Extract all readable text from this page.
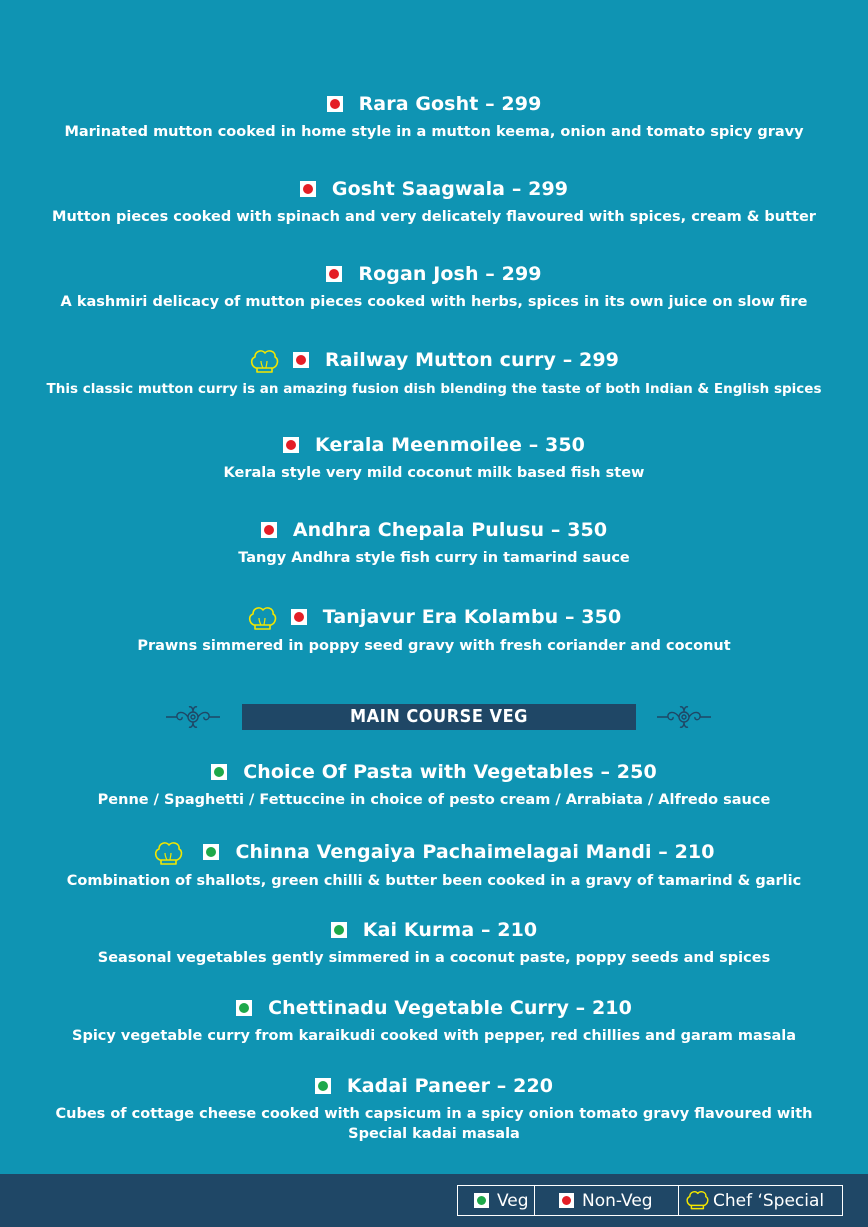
Rara Gosht – 299
Marinated mutton cooked in home style in a mutton keema, onion and tomato spicy gravy
Gosht Saagwala – 299
Mutton pieces cooked with spinach and very delicately flavoured with spices, cream & butter
Rogan Josh – 299
A kashmiri delicacy of mutton pieces cooked with herbs, spices in its own juice on slow fire
Railway Mutton curry – 299
This classic mutton curry is an amazing fusion dish blending the taste of both Indian & English spices
Kerala Meenmoilee – 350
Kerala style very mild coconut milk based fish stew
Andhra Chepala Pulusu – 350
Tangy Andhra style fish curry in tamarind sauce
Tanjavur Era Kolambu – 350
Prawns simmered in poppy seed gravy with fresh coriander and coconut
MAIN COURSE VEG
Choice Of Pasta with Vegetables – 250
Penne / Spaghetti / Fettuccine in choice of pesto cream / Arrabiata / Alfredo sauce
Chinna Vengaiya Pachaimelagai Mandi – 210
Combination of shallots, green chilli & butter been cooked in a gravy of tamarind & garlic
Kai Kurma – 210
Seasonal vegetables gently simmered in a coconut paste, poppy seeds and spices
Chettinadu Vegetable Curry – 210
Spicy vegetable curry from karaikudi cooked with pepper, red chillies and garam masala
Kadai Paneer – 220
Cubes of cottage cheese cooked with capsicum in a spicy onion tomato gravy flavoured with Special kadai masala
Veg	Non-Veg	Chef ‘Special
